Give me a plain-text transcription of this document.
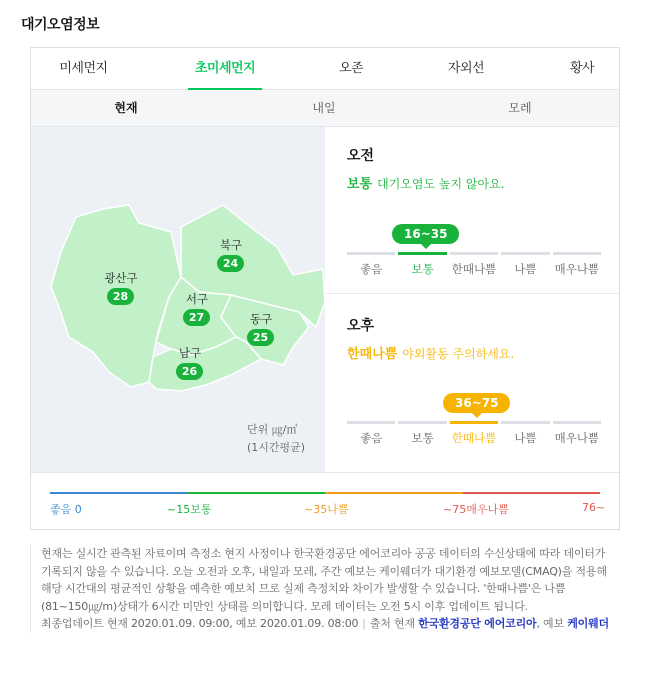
대기오염정보
미세먼지	초미세먼지	오존	자외선	황사
현재	내일	모레
광산구
28
북구
24
서구
27	동구
25
남구
26
단위 ㎍/㎥
(1시간평균)
오전
보통 대기오염도 높지 않아요.
16~35
좋음	보통	한때나쁨	나쁨	매우나쁨
오후
한때나쁨 야외활동 주의하세요.
36~75
좋음	보통	한때나쁨	나쁨	매우나쁨
좋음 0	~15보통	~35나쁨	~75매우나쁨	76~
현재는 실시간 관측된 자료이며 측정소 현지 사정이나 한국환경공단 에어코리아 공공 데이터의 수신상태에 따라 데이터가 기록되지 않을 수 있습니다. 오늘 오전과 오후, 내일과 모레, 주간 예보는 케이웨더가 대기환경 예보모델(CMAQ)을 적용해 해당 시간대의 평균적인 상황을 예측한 예보치 므로 실제 측정치와 차이가 발생할 수 있습니다. '한때나쁨'은 나쁨(81~150㎍/m)상태가 6시간 미만인 상태를 의미합니다. 모레 데이터는 오전 5시 이후 업데이트 됩니다.
최종업데이트 현재 2020.01.09. 09:00, 예보 2020.01.09. 08:00 | 출처 현재 한국환경공단 에어코리아, 예보 케이웨더
